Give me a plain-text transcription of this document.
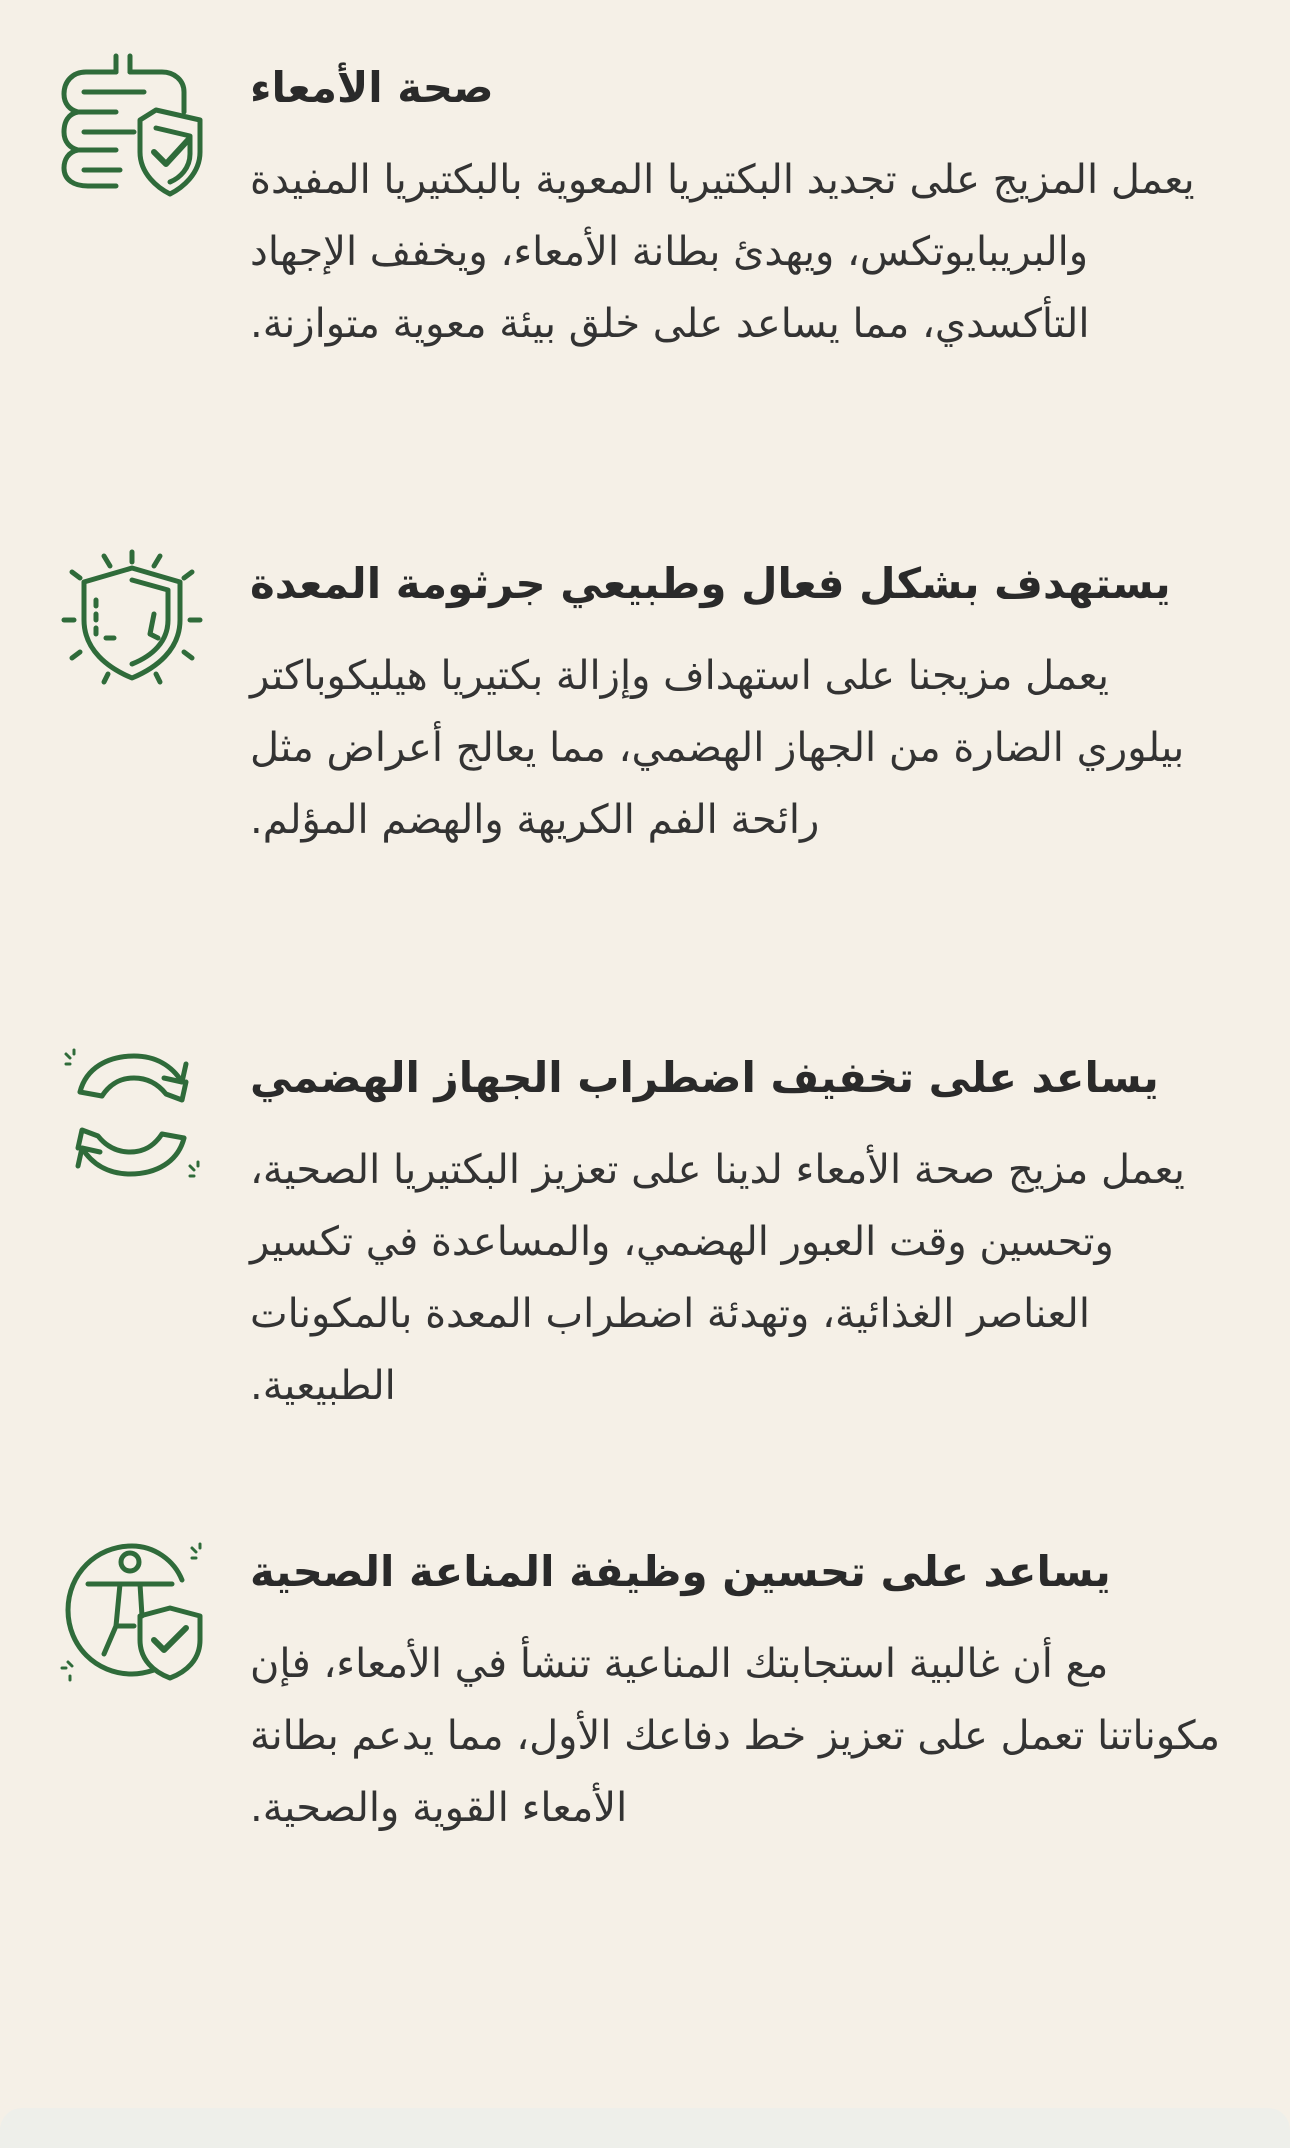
صحة الأمعاء

يعمل المزيج على تجديد البكتيريا المعوية بالبكتيريا المفيدة والبريبايوتكس، ويهدئ بطانة الأمعاء، ويخفف الإجهاد التأكسدي، مما يساعد على خلق بيئة معوية متوازنة.

يستهدف بشكل فعال وطبيعي جرثومة المعدة

يعمل مزيجنا على استهداف وإزالة بكتيريا هيليكوباكتر بيلوري الضارة من الجهاز الهضمي، مما يعالج أعراض مثل رائحة الفم الكريهة والهضم المؤلم.

يساعد على تخفيف اضطراب الجهاز الهضمي

يعمل مزيج صحة الأمعاء لدينا على تعزيز البكتيريا الصحية، وتحسين وقت العبور الهضمي، والمساعدة في تكسير العناصر الغذائية، وتهدئة اضطراب المعدة بالمكونات الطبيعية.

يساعد على تحسين وظيفة المناعة الصحية

مع أن غالبية استجابتك المناعية تنشأ في الأمعاء، فإن مكوناتنا تعمل على تعزيز خط دفاعك الأول، مما يدعم بطانة الأمعاء القوية والصحية.
